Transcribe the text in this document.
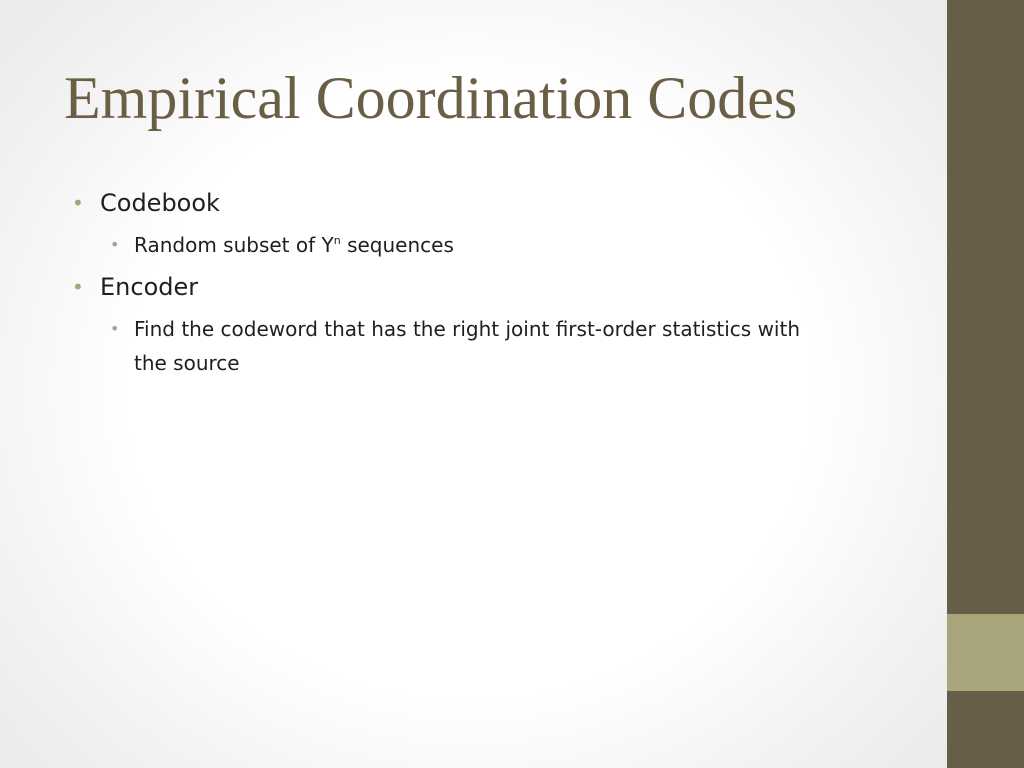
Empirical Coordination Codes
• Codebook
• Random subset of $Y^n$ sequences
• Encoder
• Find the codeword that has the right joint first-order statistics with the source
